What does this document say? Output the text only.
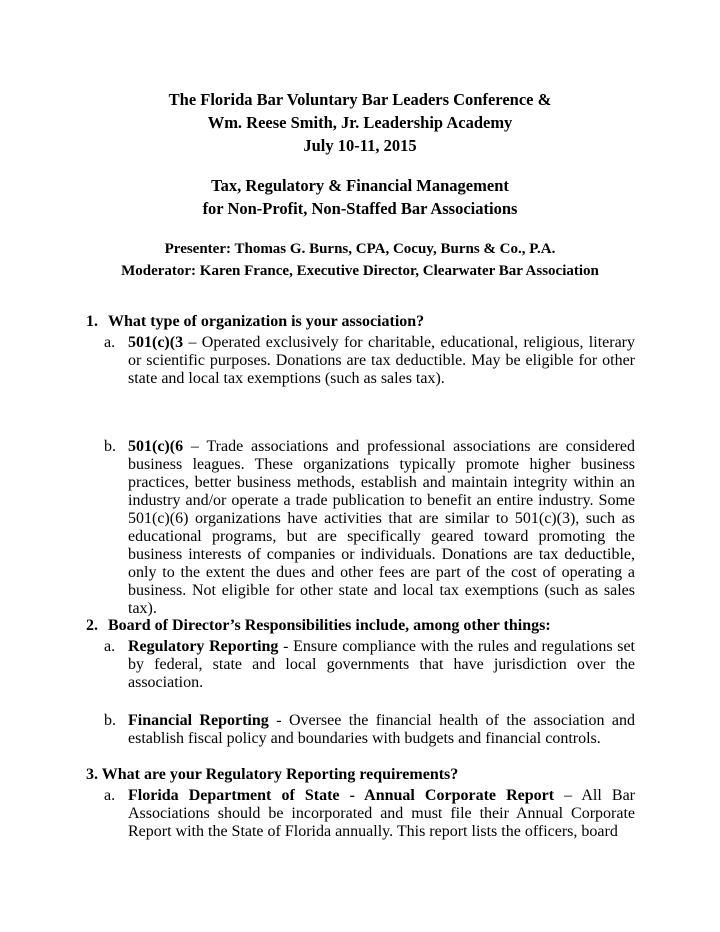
The Florida Bar Voluntary Bar Leaders Conference &
Wm. Reese Smith, Jr. Leadership Academy
July 10-11, 2015
Tax, Regulatory & Financial Management
for Non-Profit, Non-Staffed Bar Associations
Presenter: Thomas G. Burns, CPA, Cocuy, Burns & Co., P.A.
Moderator: Karen France, Executive Director, Clearwater Bar Association
1. What type of organization is your association?
a. 501(c)(3 – Operated exclusively for charitable, educational, religious, literary or scientific purposes. Donations are tax deductible. May be eligible for other state and local tax exemptions (such as sales tax).
b. 501(c)(6 – Trade associations and professional associations are considered business leagues. These organizations typically promote higher business practices, better business methods, establish and maintain integrity within an industry and/or operate a trade publication to benefit an entire industry. Some 501(c)(6) organizations have activities that are similar to 501(c)(3), such as educational programs, but are specifically geared toward promoting the business interests of companies or individuals. Donations are tax deductible, only to the extent the dues and other fees are part of the cost of operating a business. Not eligible for other state and local tax exemptions (such as sales tax).
2. Board of Director’s Responsibilities include, among other things:
a. Regulatory Reporting - Ensure compliance with the rules and regulations set by federal, state and local governments that have jurisdiction over the association.
b. Financial Reporting - Oversee the financial health of the association and establish fiscal policy and boundaries with budgets and financial controls.
3. What are your Regulatory Reporting requirements?
a. Florida Department of State - Annual Corporate Report – All Bar Associations should be incorporated and must file their Annual Corporate Report with the State of Florida annually. This report lists the officers, board
